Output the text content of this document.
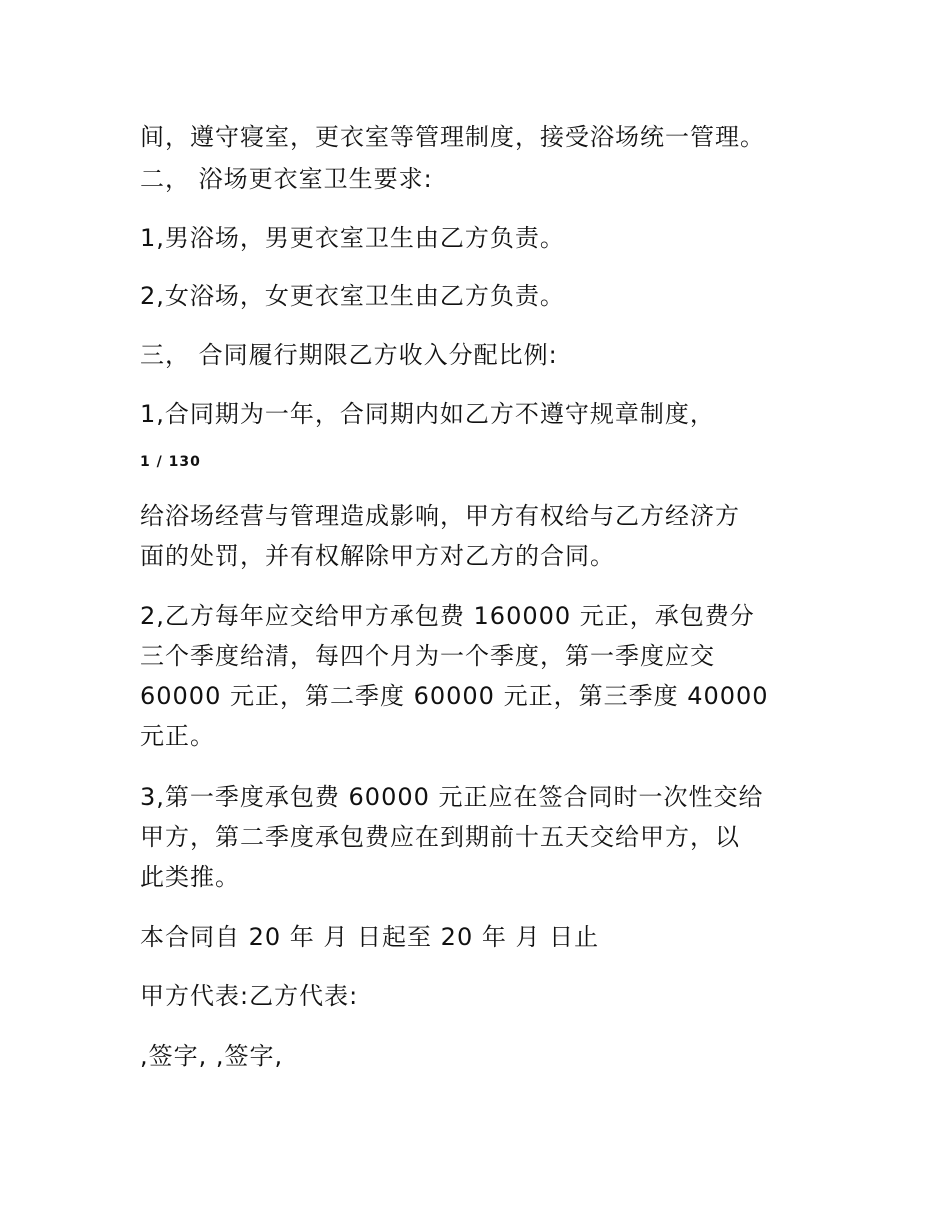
间，遵守寝室，更衣室等管理制度，接受浴场统一管理。
二， 浴场更衣室卫生要求:
1,男浴场，男更衣室卫生由乙方负责。
2,女浴场，女更衣室卫生由乙方负责。
三， 合同履行期限乙方收入分配比例:
1,合同期为一年，合同期内如乙方不遵守规章制度，
1 / 130
给浴场经营与管理造成影响，甲方有权给与乙方经济方
面的处罚，并有权解除甲方对乙方的合同。
2,乙方每年应交给甲方承包费 160000 元正，承包费分
三个季度给清，每四个月为一个季度，第一季度应交
60000 元正，第二季度 60000 元正，第三季度 40000
元正。
3,第一季度承包费 60000 元正应在签合同时一次性交给
甲方，第二季度承包费应在到期前十五天交给甲方，以
此类推。
本合同自 20 年 月 日起至 20 年 月 日止
甲方代表:乙方代表:
,签字, ,签字,
